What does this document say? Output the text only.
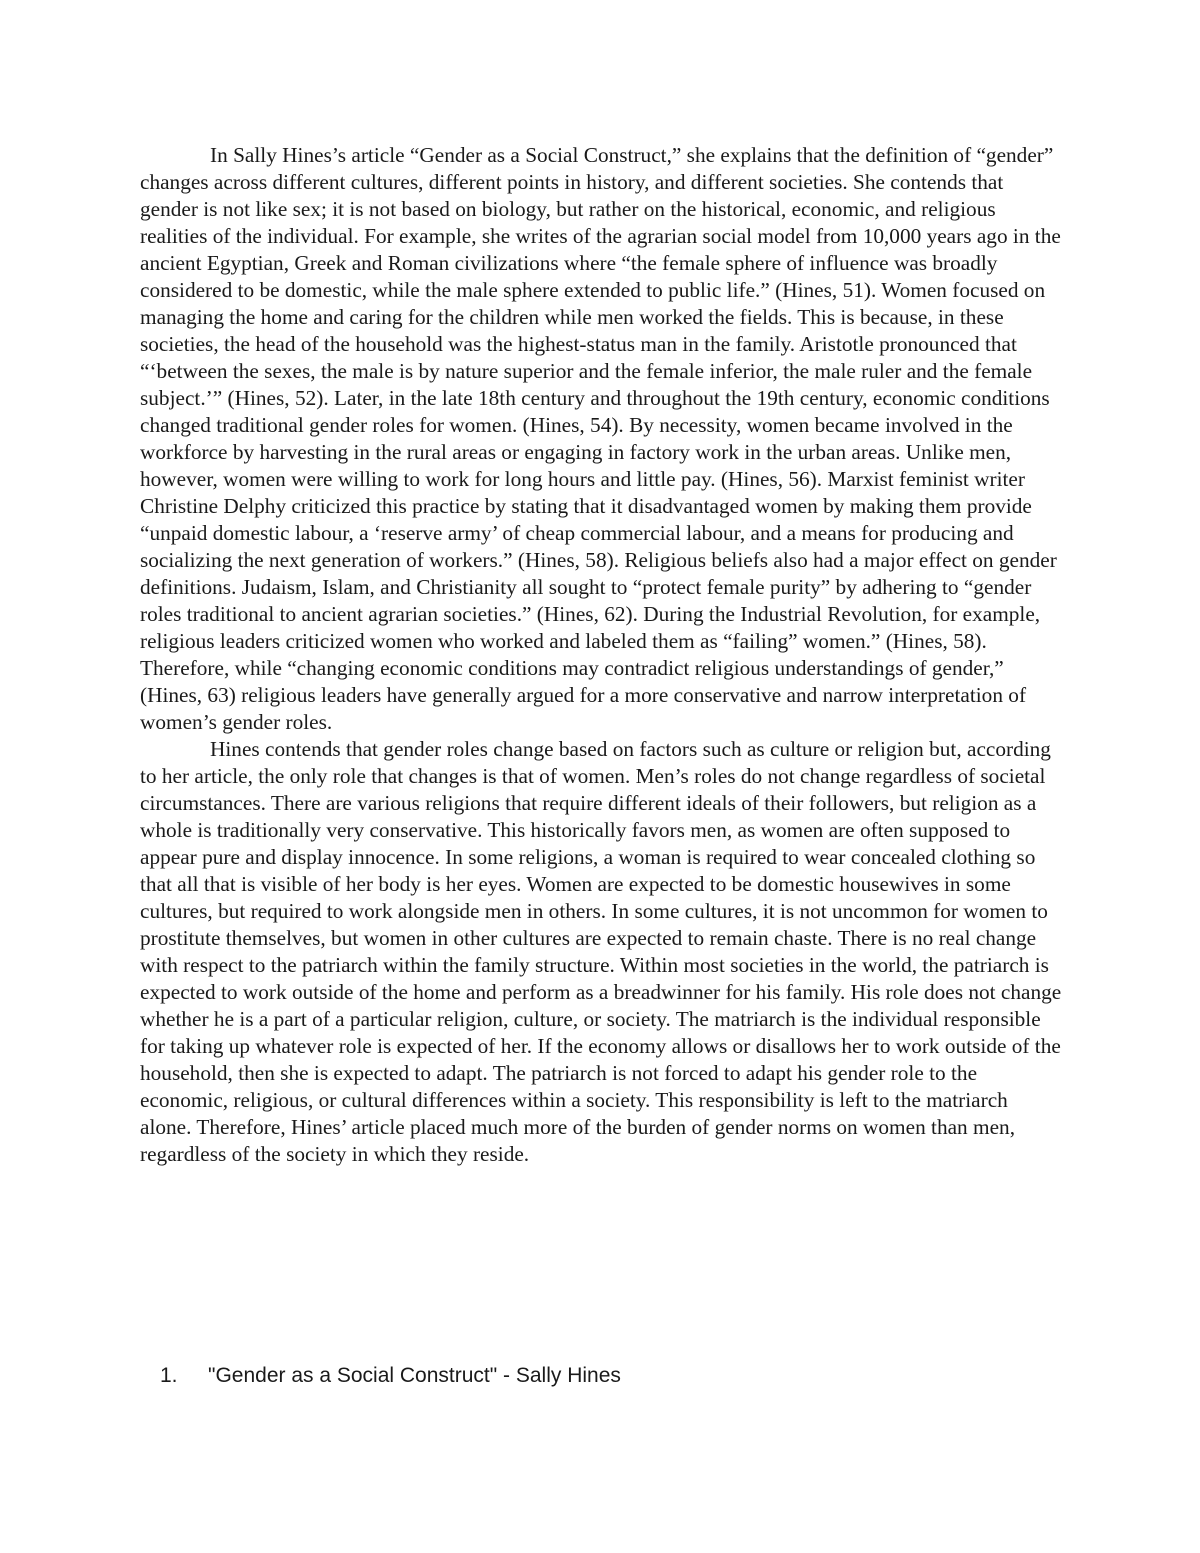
In Sally Hines’s article “Gender as a Social Construct,” she explains that the definition of “gender” changes across different cultures, different points in history, and different societies. She contends that gender is not like sex; it is not based on biology, but rather on the historical, economic, and religious realities of the individual. For example, she writes of the agrarian social model from 10,000 years ago in the ancient Egyptian, Greek and Roman civilizations where “the female sphere of influence was broadly considered to be domestic, while the male sphere extended to public life.” (Hines, 51). Women focused on managing the home and caring for the children while men worked the fields. This is because, in these societies, the head of the household was the highest-status man in the family. Aristotle pronounced that “‘between the sexes, the male is by nature superior and the female inferior, the male ruler and the female subject.’” (Hines, 52). Later, in the late 18th century and throughout the 19th century, economic conditions changed traditional gender roles for women. (Hines, 54). By necessity, women became involved in the workforce by harvesting in the rural areas or engaging in factory work in the urban areas. Unlike men, however, women were willing to work for long hours and little pay. (Hines, 56). Marxist feminist writer Christine Delphy criticized this practice by stating that it disadvantaged women by making them provide “unpaid domestic labour, a ‘reserve army’ of cheap commercial labour, and a means for producing and socializing the next generation of workers.” (Hines, 58). Religious beliefs also had a major effect on gender definitions. Judaism, Islam, and Christianity all sought to “protect female purity” by adhering to “gender roles traditional to ancient agrarian societies.” (Hines, 62). During the Industrial Revolution, for example, religious leaders criticized women who worked and labeled them as “failing” women.” (Hines, 58). Therefore, while “changing economic conditions may contradict religious understandings of gender,” (Hines, 63) religious leaders have generally argued for a more conservative and narrow interpretation of women’s gender roles.

Hines contends that gender roles change based on factors such as culture or religion but, according to her article, the only role that changes is that of women. Men’s roles do not change regardless of societal circumstances. There are various religions that require different ideals of their followers, but religion as a whole is traditionally very conservative. This historically favors men, as women are often supposed to appear pure and display innocence. In some religions, a woman is required to wear concealed clothing so that all that is visible of her body is her eyes. Women are expected to be domestic housewives in some cultures, but required to work alongside men in others. In some cultures, it is not uncommon for women to prostitute themselves, but women in other cultures are expected to remain chaste. There is no real change with respect to the patriarch within the family structure. Within most societies in the world, the patriarch is expected to work outside of the home and perform as a breadwinner for his family. His role does not change whether he is a part of a particular religion, culture, or society. The matriarch is the individual responsible for taking up whatever role is expected of her. If the economy allows or disallows her to work outside of the household, then she is expected to adapt. The patriarch is not forced to adapt his gender role to the economic, religious, or cultural differences within a society. This responsibility is left to the matriarch alone. Therefore, Hines’ article placed much more of the burden of gender norms on women than men, regardless of the society in which they reside.

1.	"Gender as a Social Construct" - Sally Hines
